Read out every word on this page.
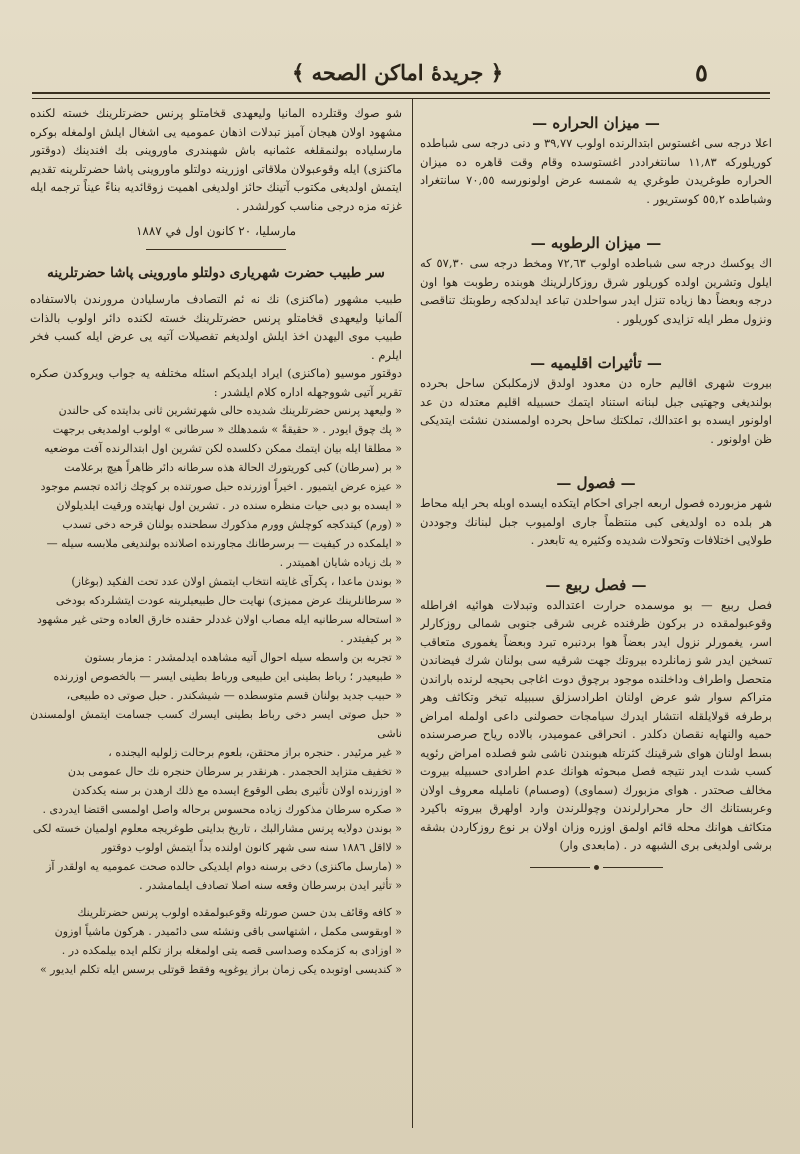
﴿ جريدۀ اماكن الصحه ﴾	٥
— ميزان الحراره —

اعلا درجه سی اغستوس ابتدالرنده اولوب ٣٩,٧٧ و دنی درجه سی شباطده كوريلوركه ١١,٨٣ سانتغراددر اغستوسده وقام وقت قاهره ده ميزان الحراره طوغريدن طوغري يه شمسه عرض اولونورسه ٧٠,٥٥ سانتغراد وشباطده ٥٥,٢ كوستريور .

— ميزان الرطوبه —

اك يوكسك درجه سی شباطده اولوب ٧٢,٦٣ ومخط درجه سی ٥٧,٣٠ كه ايلول وتشرين اولده كوريلور شرق روزكارلرينك هوبنده رطوبت هوا اون درجه وبعضاً دها زياده تنزل ايدر سواحلدن تباعد ايدلدكجه رطوبتك تناقصی ونزول مطر ايله تزايدی كوريلور .

— تأثيرات اقليميه —

بيروت شهری اقاليم حاره دن معدود اولدق لازمكلبكن ساحل بحرده بولنديغی وجهتيی جبل لبنانه استناد ايتمك حسبيله اقليم معتدله دن عد اولونور ايسده بو اعتدالك، تملكتك ساحل بحرده اولمسندن نشئت ايتديكی ظن اولونور .

— فصول —

شهر مزبورده فصول اربعه اجرای احكام ايتكده ايسده اوبله بحر ايله محاط هر بلده ده اولديغی كبی منتظماً جاری اولميوب جبل لبنانك وجوددن طولايی اختلافات وتحولات شديده وكثيره يه تابعدر .

— فصل ربيع —

فصل ربيع — بو موسمده حرارت اعتدالده وتبدلات هوائيه افراطله وقوعبولمقده در بركون ظرفنده غربی شرقی جنوبی شمالی روزكارلر اسر، يغمورلر نزول ايدر بعضاً هوا بردنبره تبرد وبعضاً يغموری متعاقب تسخين ايدر شو زمانلرده بيروتك جهت شرقيه سی بولنان شرك فيضاندن متحصل واطراف وداخلنده موجود برچوق دوت اغاجی بحيجه لرنده باراندن متراكم سوار شو عرض اولنان اطرادسزلق سببيله تبخر وتكاثف وهر برطرفه قولايلقله انتشار ايدرك سيامجات حصولنی داعی اولمله امراض حميه والنهايه نقصان دكلدر . انحراقی عمومیدر، بالاده رياح صرصرسنده بسط اولنان هوای شرقينك كثرتله هبوبندن ناشی شو فصلده امراض رئويه كسب شدت ايدر نتيجه فصل مبحوثه هوانك عدم اطرادی حسبيله بيروت مخالف صحتدر . هوای مزبورك (سماوی) (وصسام) نامليله معروف اولان وعربستانك اك حار محرارلرندن وچوللرندن وارد اولهرق بيروته باكيرد متكاثف هوانك محله قائم اولمق اوزره وزان اولان بر نوع روزكاردن بشقه برشی اولديغی بری الشبهه در . (مابعدی وار)

شو صوك وقتلرده المانيا ولیعهدی قخامتلو پرنس حضرتلرينك خسته لكنده مشهود اولان هيجان آميز تبدلات اذهان عموميه يی اشغال ايلش اولمغله بوكره مارسلياده بولنمقلغه عثمانيه باش شهبندری ماوروينی بك افندينك (دوقتور ماكنزی) ايله وقوعبولان ملاقاتی اوزرينه دولتلو ماوروينی پاشا حضرتلرينه تقديم ايتمش اولديغی مكتوب آتينك حائز اولديغی اهميت زوقائديه بناءً عيناً ترجمه ايله غزته مزه درجی مناسب كورلشدر .

مارسليا، ٢٠ كانون اول في ١٨٨٧
سر طبيب حضرت شهرياری دولتلو ماوروينی پاشا حضرتلرينه

طبيب مشهور (ماكنزی) نك نه ئم التصادف مارسليادن مرورندن بالاستفاده آلمانيا ولیعهدی قخامتلو پرنس حضرتلرينك خسته لكنده دائر اولوب بالذات طبيب موی اليهدن اخذ ايلش اولديغم تفصيلات آتيه يی عرض ايله كسب فخر ايلرم .

دوقتور موسيو (ماكنزی) ايراد ايلديكم اسئله مختلفه يه جواب ويروكدن صكره تقرير آتيی شووجهله اداره كلام ايلشدر :

« ولیعهد پرنس حضرتلرينك شديده حالی شهرتشرين ثانی بدايتده كی حالندن

« پك چوق ايودر . « حقيقةً » شمدهلك « سرطانی » اولوب اولمديغی برجهت

« مطلقا ايله بيان ايتمك ممكن دكلسده لكن تشرين اول ابتدالرنده آفت موضعيه

« بر (سرطان) كبی كوريتورك الحالة هذه سرطانه دائر ظاهراً هيچ برعلامت

« عيزه عرض ايتميور . اخيراً اوزرنده حبل صورتنده بر كوچك زائده تجسم موجود

« ايسده بو دبی حيات منظره سنده در . تشرين اول نهايتده ورقيت ايلديلولان

« (ورم) كيتدكجه كوچلش وورم مذكورك سطحنده بولنان قرحه دخی تسدب

« ايلمكده در كيفيت — برسرطانك مجاورنده اصلانده بولنديغی ملابسه سيله —

« بك زياده شايان اهميتدر .

« بوندن ماعدا ، پكرآی غايته انتخاب ايتمش اولان عدد تحت الفكيد (بوغاز)

« سرطانلرينك عرض مميزی) نهايت حال طبيعيلرينه عودت ايتشلردكه بودخی

« استحاله سرطانيه ايله مصاب اولان غددلر حقنده خارق العاده وحتی غير مشهود

« بر كيفيتدر .

« تجربه بن واسطه سيله احوال آتيه مشاهده ايدلمشدر : مزمار بستون

« طبيعيدر ؛ رباط بطينی اين طبيعی ورباط بطينی ايسر — بالخصوص اوزرنده

« حبيب جديد بولنان قسم متوسطده — شيشكندر . حبل صوتی ده طبيعی،

« حبل صوتی ايسر دخی رباط بطينی ايسرك كسب جسامت ايتمش اولمسندن ناشی

« غير مرئيدر . حنجره براز محتقن، بلعوم برحالت زلوليه اليجنده ،

« تخفيف متزايد الحجمدر . هرنقدر بر سرطان حنجره نك حال عمومی بدن

« اوزرنده اولان تأثيری بطی الوقوع ايسده مع ذلك ارهدن بر سنه يكدكدن

« صكره سرطان مذكورك زياده محسوس برحاله واصل اولمسی اقتضا ايدردی .

« بوندن دولايه پرنس مشارالبك ، تاريخ بدايتی طوغريجه معلوم اولميان خسته لكی

« لااقل ١٨٨٦ سنه سی شهر كانون اولنده بداً ايتمش اولوب دوقتور

« (مارسل ماكنزی) دخی برسنه دوام ايلديكی حالده صحت عموميه يه اولقدر آز

« تأثير ايدن برسرطان وقعه سنه اصلا تصادف ايلمامشدر .

« كافه وقائف بدن حسن صورتله وقوعبولمقده اولوب پرنس حضرتلرينك

« اوبقوسی مكمل ، اشتهاسی باقی ونشئه سی دائميدر . هركون ماشياً اوزون

« اوزادی به كزمكده وصداسی قصه يتی اولمغله براز تكلم ايده بيلمكده در .

« كنديسی اوتوبده يكی زمان براز يوغوپه وفقط قوتلی برسس ايله تكلم ايديور »
